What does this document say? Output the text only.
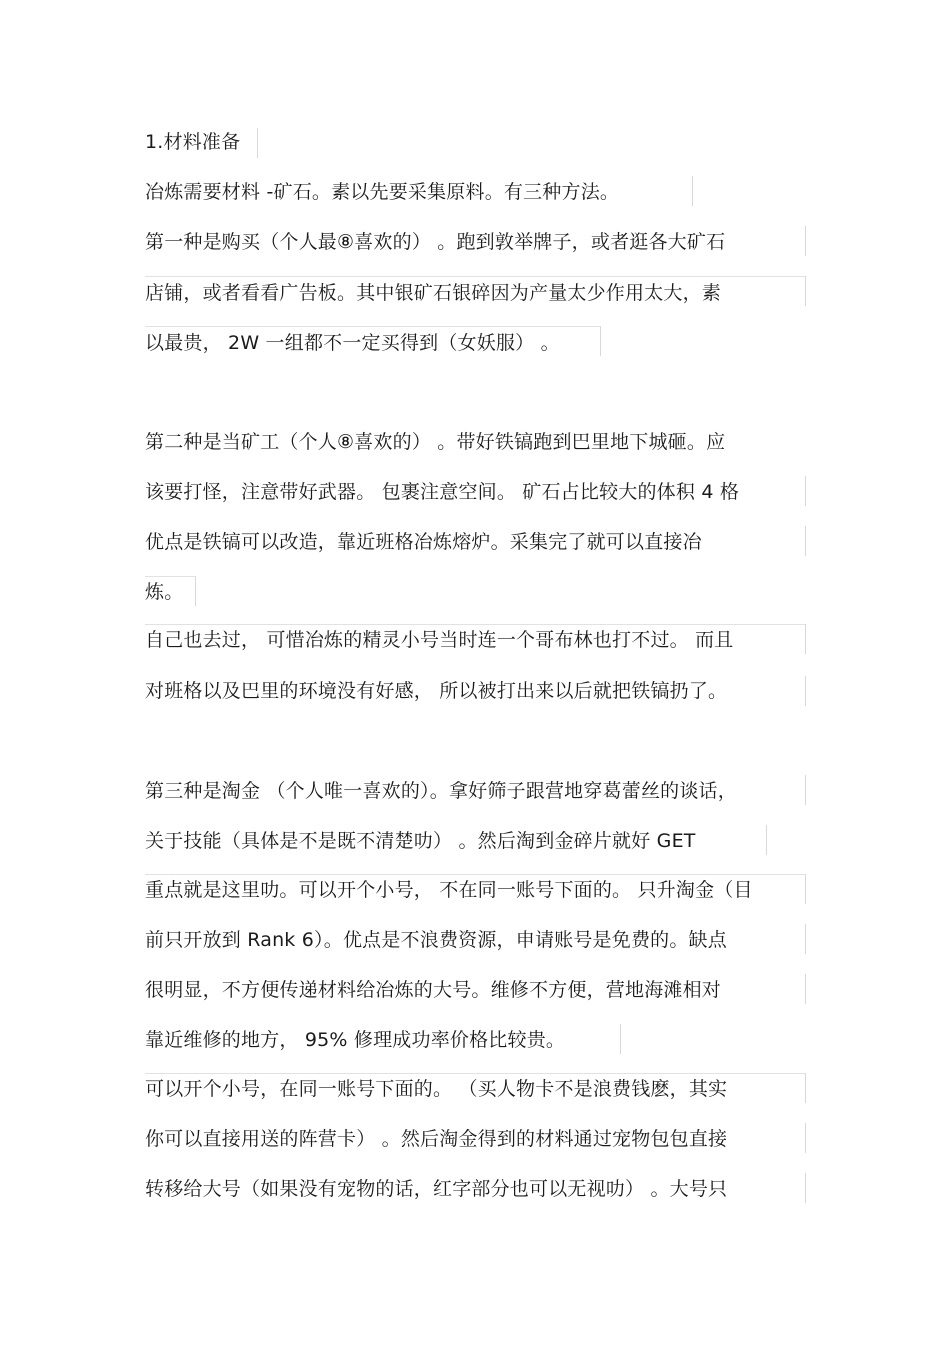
1.材料准备
冶炼需要材料 -矿石。素以先要采集原料。有三种方法。
第一种是购买（个人最⑧喜欢的） 。跑到敦举牌子，或者逛各大矿石
店铺，或者看看广告板。其中银矿石银碎因为产量太少作用太大，素
以最贵， 2W 一组都不一定买得到（女妖服） 。
第二种是当矿工（个人⑧喜欢的） 。带好铁镐跑到巴里地下城砸。应
该要打怪，注意带好武器。 包裹注意空间。 矿石占比较大的体积 4 格
优点是铁镐可以改造，靠近班格冶炼熔炉。采集完了就可以直接冶
炼。
自己也去过， 可惜冶炼的精灵小号当时连一个哥布林也打不过。 而且
对班格以及巴里的环境没有好感， 所以被打出来以后就把铁镐扔了。
第三种是淘金 （个人唯一喜欢的）。拿好筛子跟营地穿葛蕾丝的谈话，
关于技能（具体是不是既不清楚叻） 。然后淘到金碎片就好 GET
重点就是这里叻。可以开个小号， 不在同一账号下面的。 只升淘金（目
前只开放到 Rank 6）。优点是不浪费资源，申请账号是免费的。缺点
很明显，不方便传递材料给冶炼的大号。维修不方便，营地海滩相对
靠近维修的地方， 95% 修理成功率价格比较贵。
可以开个小号，在同一账号下面的。 （买人物卡不是浪费钱麽，其实
你可以直接用送的阵营卡） 。然后淘金得到的材料通过宠物包包直接
转移给大号（如果没有宠物的话，红字部分也可以无视叻） 。大号只
